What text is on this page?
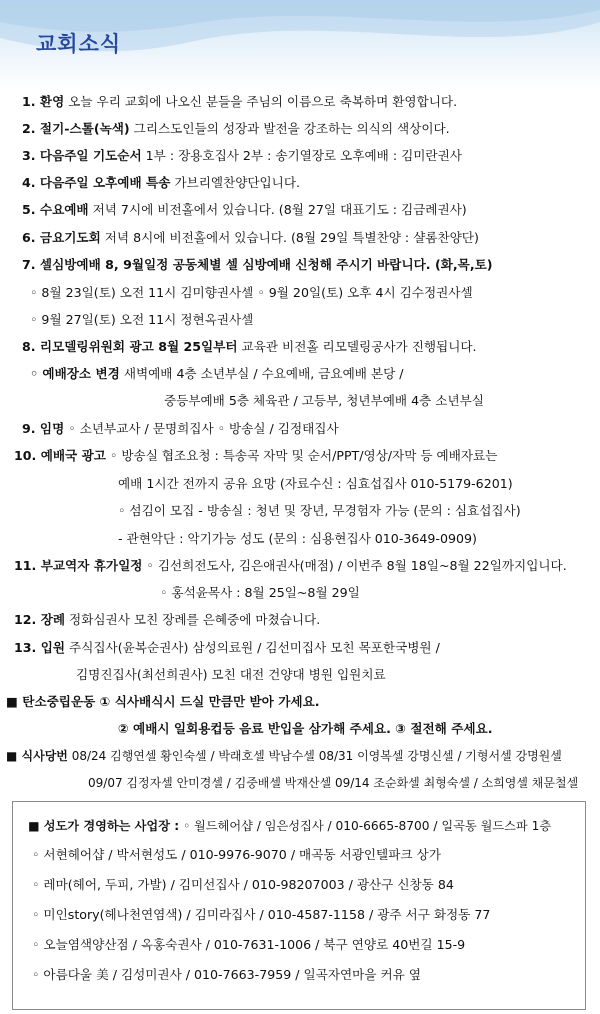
교회소식
1. 환영 오늘 우리 교회에 나오신 분들을 주님의 이름으로 축복하며 환영합니다.
2. 절기-스톨(녹색) 그리스도인들의 성장과 발전을 강조하는 의식의 색상이다.
3. 다음주일 기도순서 1부 : 장용호집사 2부 : 송기열장로 오후예배 : 김미란권사
4. 다음주일 오후예배 특송 가브리엘찬양단입니다.
5. 수요예배 저녁 7시에 비전홀에서 있습니다. (8월 27일 대표기도 : 김금례권사)
6. 금요기도회 저녁 8시에 비전홀에서 있습니다. (8월 29일 특별찬양 : 샬롬찬양단)
7. 셀심방예배 8, 9월일정 공동체별 셀 심방예배 신청해 주시기 바랍니다. (화,목,토)
◦ 8월 23일(토) 오전 11시 김미향권사셀 ◦ 9월 20일(토) 오후 4시 김수정권사셀
◦ 9월 27일(토) 오전 11시 정현옥권사셀
8. 리모델링위원회 광고 8월 25일부터 교육관 비전홀 리모델링공사가 진행됩니다.
◦ 예배장소 변경 새벽예배 4층 소년부실 / 수요예배, 금요예배 본당 /
중등부예배 5층 체육관 / 고등부, 청년부예배 4층 소년부실
9. 임명 ◦ 소년부교사 / 문명희집사 ◦ 방송실 / 김정태집사
10. 예배국 광고 ◦ 방송실 협조요청 : 특송곡 자막 및 순서/PPT/영상/자막 등 예배자료는
예배 1시간 전까지 공유 요망 (자료수신 : 심효섭집사 010-5179-6201)
◦ 섬김이 모집 - 방송실 : 청년 및 장년, 무경험자 가능 (문의 : 심효섭집사)
- 관현악단 : 악기가능 성도 (문의 : 심용현집사 010-3649-0909)
11. 부교역자 휴가일정 ◦ 김선희전도사, 김은애권사(매점) / 이번주 8월 18일~8월 22일까지입니다.
◦ 홍석윤목사 : 8월 25일~8월 29일
12. 장례 정화심권사 모친 장례를 은혜중에 마쳤습니다.
13. 입원 주식집사(윤복순권사) 삼성의료원 / 김선미집사 모친 목포한국병원 /
김명진집사(최선희권사) 모친 대전 건양대 병원 입원치료
■ 탄소중립운동 ① 식사배식시 드실 만큼만 받아 가세요.
② 예배시 일회용컵등 음료 반입을 삼가해 주세요. ③ 절전해 주세요.
■ 식사당번 08/24 김행연셀 황인숙셀 / 박래호셀 박남수셀 08/31 이영복셀 강명신셀 / 기형서셀 강명원셀
09/07 김정자셀 안미경셀 / 김중배셀 박재산셀 09/14 조순화셀 최형숙셀 / 소희영셀 채문철셀
■ 성도가 경영하는 사업장 : ◦ 월드헤어샵 / 임은성집사 / 010-6665-8700 / 일곡동 월드스파 1층
◦ 서현헤어샵 / 박서현성도 / 010-9976-9070 / 매곡동 서광인텔파크 상가
◦ 레마(헤어, 두피, 가발) / 김미선집사 / 010-98207003 / 광산구 신창동 84
◦ 미인story(헤나천연염색) / 김미라집사 / 010-4587-1158 / 광주 서구 화정동 77
◦ 오늘염색양산점 / 옥홍숙권사 / 010-7631-1006 / 북구 연양로 40번길 15-9
◦ 아름다울 美 / 김성미권사 / 010-7663-7959 / 일곡자연마을 커유 옆
